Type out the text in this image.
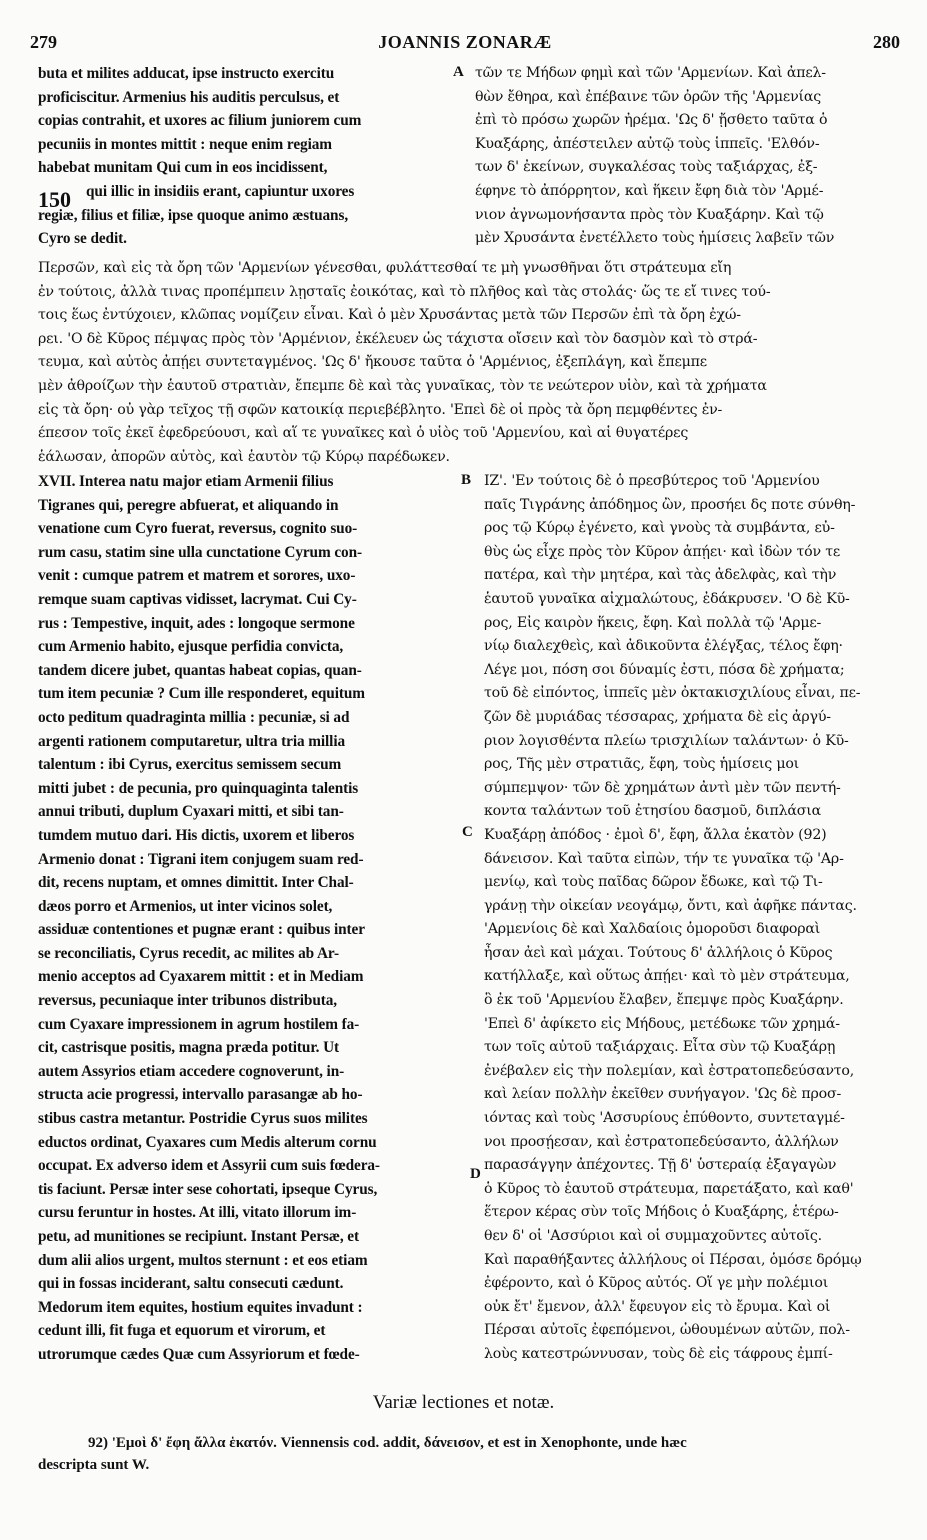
279	JOANNIS ZONARÆ	280
150
A
B
C
D
buta et milites adducat, ipse instructo exercitu
proficiscitur. Armenius his auditis perculsus, et
copias contrahit, et uxores ac filium juniorem cum
pecuniis in montes mittit : neque enim regiam
habebat munitam Qui cum in eos incidissent,
qui illic in insidiis erant, capiuntur uxores
regiæ, filius et filiæ, ipse quoque animo æstuans,
Cyro se dedit.
τῶν τε Μήδων φημὶ καὶ τῶν 'Αρμενίων. Καὶ ἀπελ-
θὼν ἔθηρα, καὶ ἐπέβαινε τῶν ὀρῶν τῆς 'Αρμενίας
ἐπὶ τὸ πρόσω χωρῶν ἠρέμα. 'Ως δ' ᾔσθετο ταῦτα ὁ
Κυαξάρης, ἀπέστειλεν αὐτῷ τοὺς ἱππεῖς. 'Ελθόν-
των δ' ἐκείνων, συγκαλέσας τοὺς ταξιάρχας, ἐξ-
έφηνε τὸ ἀπόρρητον, καὶ ἥκειν ἔφη διὰ τὸν 'Αρμέ-
νιον ἀγνωμονήσαντα πρὸς τὸν Κυαξάρην. Καὶ τῷ
μὲν Χρυσάντα ἐνετέλλετο τοὺς ἡμίσεις λαβεῖν τῶν
Περσῶν, καὶ εἰς τὰ ὄρη τῶν 'Αρμενίων γένεσθαι, φυλάττεσθαί τε μὴ γνωσθῆναι ὅτι στράτευμα εἴη
ἐν τούτοις, ἀλλὰ τινας προπέμπειν λῃσταῖς ἐοικότας, καὶ τὸ πλῆθος καὶ τὰς στολάς· ὥς τε εἴ τινες τού-
τοις ἕως ἐντύχοιεν, κλῶπας νομίζειν εἶναι. Καὶ ὁ μὲν Χρυσάντας μετὰ τῶν Περσῶν ἐπὶ τὰ ὄρη ἐχώ-
ρει. 'Ο δὲ Κῦρος πέμψας πρὸς τὸν 'Αρμένιον, ἐκέλευεν ὡς τάχιστα οἴσειν καὶ τὸν δασμὸν καὶ τὸ στρά-
τευμα, καὶ αὐτὸς ἀπῄει συντεταγμένος. 'Ως δ' ἤκουσε ταῦτα ὁ 'Αρμένιος, ἐξεπλάγη, καὶ ἔπεμπε
μὲν ἀθροίζων τὴν ἑαυτοῦ στρατιὰν, ἔπεμπε δὲ καὶ τὰς γυναῖκας, τὸν τε νεώτερον υἱὸν, καὶ τὰ χρήματα
εἰς τὰ ὄρη· οὐ γὰρ τεῖχος τῇ σφῶν κατοικίᾳ περιεβέβλητο. 'Επεὶ δὲ οἱ πρὸς τὰ ὄρη πεμφθέντες ἐν-
έπεσον τοῖς ἐκεῖ ἐφεδρεύουσι, καὶ αἵ τε γυναῖκες καὶ ὁ υἱὸς τοῦ 'Αρμενίου, καὶ αἱ θυγατέρες
ἑάλωσαν, ἀπορῶν αὐτὸς, καὶ ἑαυτὸν τῷ Κύρῳ παρέδωκεν.
XVII. Interea natu major etiam Armenii filius
Tigranes qui, peregre abfuerat, et aliquando in
venatione cum Cyro fuerat, reversus, cognito suo-
rum casu, statim sine ulla cunctatione Cyrum con-
venit : cumque patrem et matrem et sorores, uxo-
remque suam captivas vidisset, lacrymat. Cui Cy-
rus : Tempestive, inquit, ades : longoque sermone
cum Armenio habito, ejusque perfidia convicta,
tandem dicere jubet, quantas habeat copias, quan-
tum item pecuniæ ? Cum ille responderet, equitum
octo peditum quadraginta millia : pecuniæ, si ad
argenti rationem computaretur, ultra tria millia
talentum : ibi Cyrus, exercitus semissem secum
mitti jubet : de pecunia, pro quinquaginta talentis
annui tributi, duplum Cyaxari mitti, et sibi tan-
tumdem mutuo dari. His dictis, uxorem et liberos
Armenio donat : Tigrani item conjugem suam red-
dit, recens nuptam, et omnes dimittit. Inter Chal-
dæos porro et Armenios, ut inter vicinos solet,
assiduæ contentiones et pugnæ erant : quibus inter
se reconciliatis, Cyrus recedit, ac milites ab Ar-
menio acceptos ad Cyaxarem mittit : et in Mediam
reversus, pecuniaque inter tribunos distributa,
cum Cyaxare impressionem in agrum hostilem fa-
cit, castrisque positis, magna præda potitur. Ut
autem Assyrios etiam accedere cognoverunt, in-
structa acie progressi, intervallo parasangæ ab ho-
stibus castra metantur. Postridie Cyrus suos milites
eductos ordinat, Cyaxares cum Medis alterum cornu
occupat. Ex adverso idem et Assyrii cum suis fœdera-
tis faciunt. Persæ inter sese cohortati, ipseque Cyrus,
cursu feruntur in hostes. At illi, vitato illorum im-
petu, ad munitiones se recipiunt. Instant Persæ, et
dum alii alios urgent, multos sternunt : et eos etiam
qui in fossas inciderant, saltu consecuti cædunt.
Medorum item equites, hostium equites invadunt :
cedunt illi, fit fuga et equorum et virorum, et
utrorumque cædes Quæ cum Assyriorum et fœde-
ΙΖ'. 'Εν τούτοις δὲ ὁ πρεσβύτερος τοῦ 'Αρμενίου
παῖς Τιγράνης ἀπόδημος ὢν, προσήει δς ποτε σύνθη-
ρος τῷ Κύρῳ ἐγένετο, καὶ γνοὺς τὰ συμβάντα, εὐ-
θὺς ὡς εἶχε πρὸς τὸν Κῦρον ἀπῄει· καὶ ἰδὼν τόν τε
πατέρα, καὶ τὴν μητέρα, καὶ τὰς ἀδελφὰς, καὶ τὴν
ἑαυτοῦ γυναῖκα αἰχμαλώτους, ἐδάκρυσεν. 'Ο δὲ Κῦ-
ρος, Εἰς καιρὸν ἥκεις, ἔφη. Καὶ πολλὰ τῷ 'Αρμε-
νίῳ διαλεχθεὶς, καὶ ἀδικοῦντα ἐλέγξας, τέλος ἔφη·
Λέγε μοι, πόση σοι δύναμίς ἐστι, πόσα δὲ χρήματα;
τοῦ δὲ εἰπόντος, ἱππεῖς μὲν ὀκτακισχιλίους εἶναι, πε-
ζῶν δὲ μυριάδας τέσσαρας, χρήματα δὲ εἰς ἀργύ-
ριον λογισθέντα πλείω τρισχιλίων ταλάντων· ὁ Κῦ-
ρος, Τῆς μὲν στρατιᾶς, ἔφη, τοὺς ἡμίσεις μοι
σύμπεμψον· τῶν δὲ χρημάτων ἀντὶ μὲν τῶν πεντή-
κοντα ταλάντων τοῦ ἐτησίου δασμοῦ, διπλάσια
Κυαξάρῃ ἀπόδος · ἐμοὶ δ', ἔφη, ἄλλα ἑκατὸν (92)
δάνεισον. Καὶ ταῦτα εἰπὼν, τήν τε γυναῖκα τῷ 'Αρ-
μενίῳ, καὶ τοὺς παῖδας δῶρον ἔδωκε, καὶ τῷ Τι-
γράνῃ τὴν οἰκείαν νεογάμῳ, ὄντι, καὶ ἀφῆκε πάντας.
'Αρμενίοις δὲ καὶ Χαλδαίοις ὁμοροῦσι διαφοραὶ
ἦσαν ἀεὶ καὶ μάχαι. Τούτους δ' ἀλλήλοις ὁ Κῦρος
κατήλλαξε, καὶ οὕτως ἀπῄει· καὶ τὸ μὲν στράτευμα,
ὃ ἐκ τοῦ 'Αρμενίου ἔλαβεν, ἔπεμψε πρὸς Κυαξάρην.
'Επεὶ δ' ἀφίκετο εἰς Μήδους, μετέδωκε τῶν χρημά-
των τοῖς αὐτοῦ ταξιάρχαις. Εἶτα σὺν τῷ Κυαξάρῃ
ἐνέβαλεν εἰς τὴν πολεμίαν, καὶ ἐστρατοπεδεύσαντο,
καὶ λείαν πολλὴν ἐκεῖθεν συνήγαγον. 'Ως δὲ προσ-
ιόντας καὶ τοὺς 'Ασσυρίους ἐπύθοντο, συντεταγμέ-
νοι προσῄεσαν, καὶ ἐστρατοπεδεύσαντο, ἀλλήλων
παρασάγγην ἀπέχοντες. Τῇ δ' ὑστεραίᾳ ἐξαγαγὼν
ὁ Κῦρος τὸ ἑαυτοῦ στράτευμα, παρετάξατο, καὶ καθ'
ἕτερον κέρας σὺν τοῖς Μήδοις ὁ Κυαξάρης, ἑτέρω-
θεν δ' οἱ 'Ασσύριοι καὶ οἱ συμμαχοῦντες αὐτοῖς.
Καὶ παραθήξαντες ἀλλήλους οἱ Πέρσαι, ὁμόσε δρόμῳ
ἐφέροντο, καὶ ὁ Κῦρος αὐτός. Οἵ γε μὴν πολέμιοι
οὐκ ἔτ' ἔμενον, ἀλλ' ἔφευγον εἰς τὸ ἔρυμα. Καὶ οἱ
Πέρσαι αὐτοῖς ἐφεπόμενοι, ὠθουμένων αὐτῶν, πολ-
λοὺς κατεστρώννυσαν, τοὺς δὲ εἰς τάφρους ἐμπί-
Variæ lectiones et notæ.
92) 'Εμοὶ δ' ἔφη ἄλλα ἑκατόν. Viennensis cod. addit, δάνεισον, et est in Xenophonte, unde hæc
descripta sunt W.
